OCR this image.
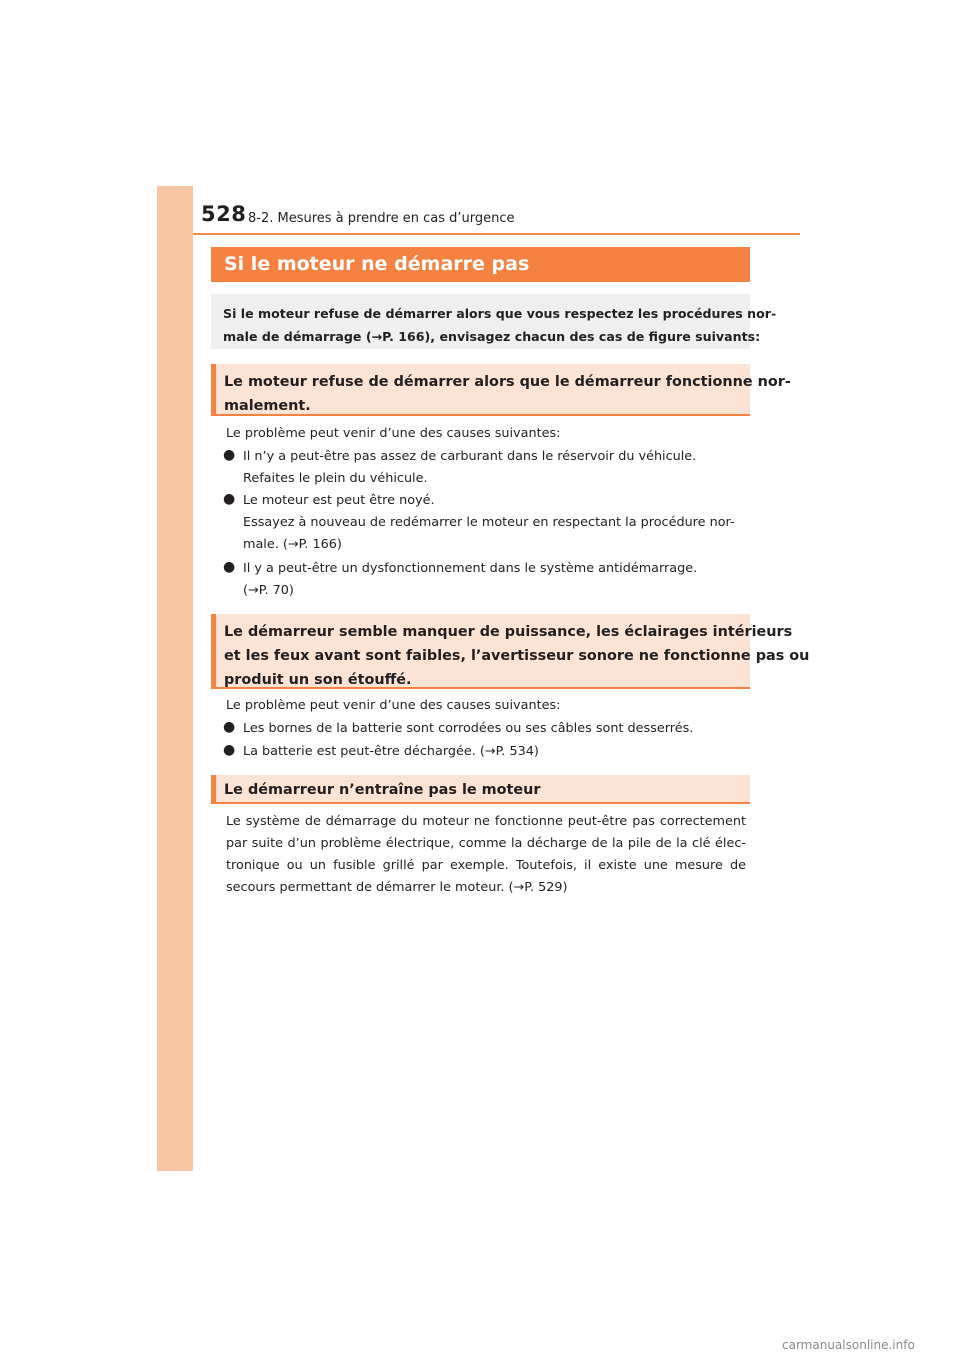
528 8-2. Mesures à prendre en cas d’urgence
Si le moteur ne démarre pas
Si le moteur refuse de démarrer alors que vous respectez les procédures nor-
male de démarrage (→P. 166), envisagez chacun des cas de figure suivants:
Le moteur refuse de démarrer alors que le démarreur fonctionne nor-
malement.
Le problème peut venir d’une des causes suivantes:
● Il n’y a peut-être pas assez de carburant dans le réservoir du véhicule.
Refaites le plein du véhicule.
● Le moteur est peut être noyé.
Essayez à nouveau de redémarrer le moteur en respectant la procédure nor-
male. (→P. 166)
● Il y a peut-être un dysfonctionnement dans le système antidémarrage.
(→P. 70)
Le démarreur semble manquer de puissance, les éclairages intérieurs
et les feux avant sont faibles, l’avertisseur sonore ne fonctionne pas ou
produit un son étouffé.
Le problème peut venir d’une des causes suivantes:
● Les bornes de la batterie sont corrodées ou ses câbles sont desserrés.
● La batterie est peut-être déchargée. (→P. 534)
Le démarreur n’entraîne pas le moteur
Le système de démarrage du moteur ne fonctionne peut-être pas correctement
par suite d’un problème électrique, comme la décharge de la pile de la clé élec-
tronique ou un fusible grillé par exemple. Toutefois, il existe une mesure de
secours permettant de démarrer le moteur. (→P. 529)
carmanualsonline.info
